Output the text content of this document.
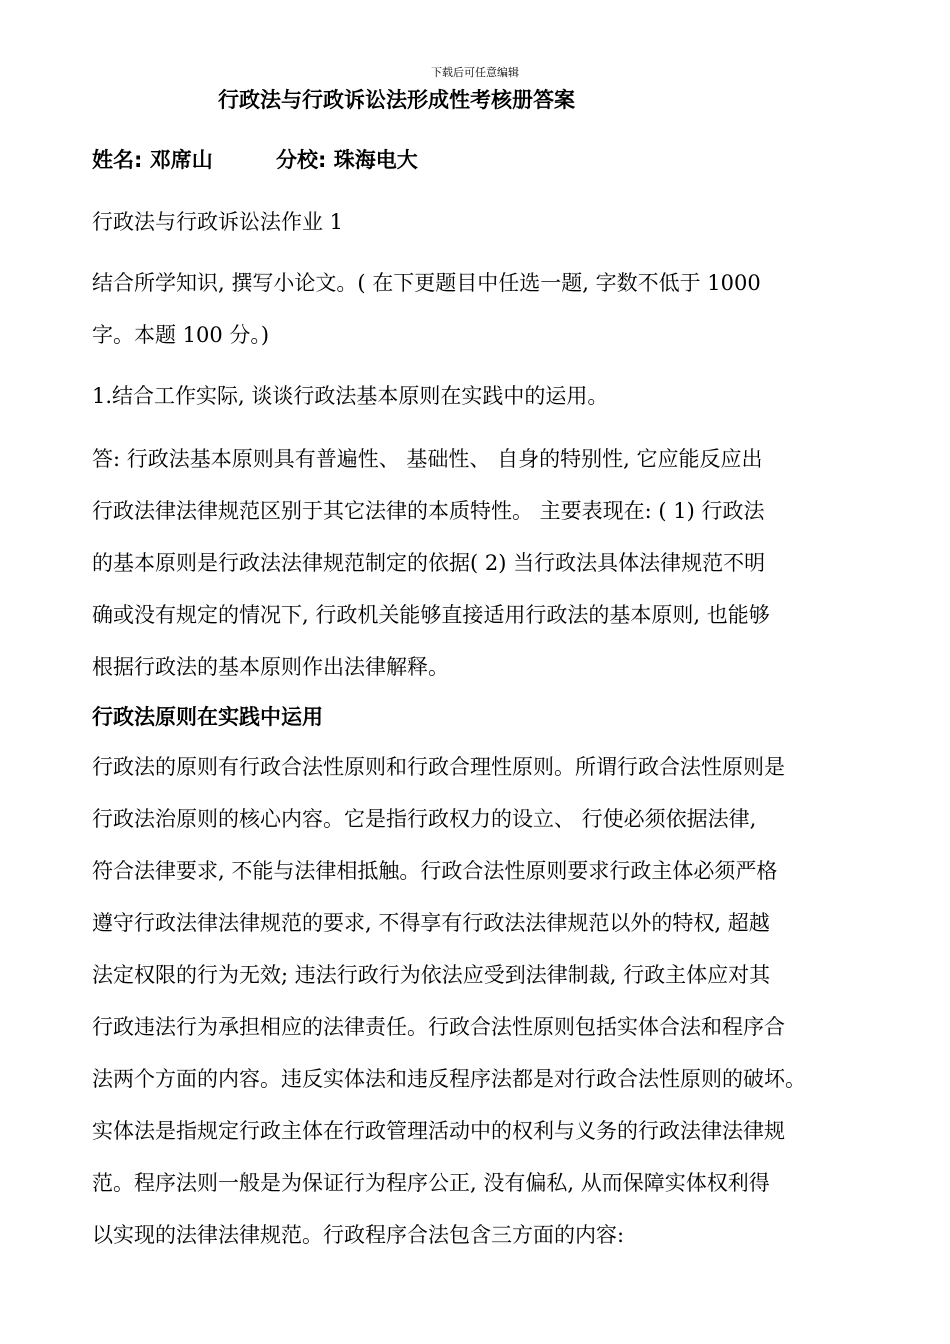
下载后可任意编辑
行政法与行政诉讼法形成性考核册答案
姓名: 邓席山	分校: 珠海电大
行政法与行政诉讼法作业 1
结合所学知识, 撰写小论文。( 在下更题目中任选一题, 字数不低于 1000
字。本题 100 分。)
1.结合工作实际, 谈谈行政法基本原则在实践中的运用。
答: 行政法基本原则具有普遍性、 基础性、 自身的特别性, 它应能反应出
行政法律法律规范区别于其它法律的本质特性。 主要表现在: ( 1) 行政法
的基本原则是行政法法律规范制定的依据( 2) 当行政法具体法律规范不明
确或没有规定的情况下, 行政机关能够直接适用行政法的基本原则, 也能够
根据行政法的基本原则作出法律解释。
行政法原则在实践中运用
行政法的原则有行政合法性原则和行政合理性原则。所谓行政合法性原则是
行政法治原则的核心内容。它是指行政权力的设立、 行使必须依据法律,
符合法律要求, 不能与法律相抵触。行政合法性原则要求行政主体必须严格
遵守行政法律法律规范的要求, 不得享有行政法法律规范以外的特权, 超越
法定权限的行为无效; 违法行政行为依法应受到法律制裁, 行政主体应对其
行政违法行为承担相应的法律责任。行政合法性原则包括实体合法和程序合
法两个方面的内容。违反实体法和违反程序法都是对行政合法性原则的破坏。
实体法是指规定行政主体在行政管理活动中的权利与义务的行政法律法律规
范。程序法则一般是为保证行为程序公正, 没有偏私, 从而保障实体权利得
以实现的法律法律规范。行政程序合法包含三方面的内容:
